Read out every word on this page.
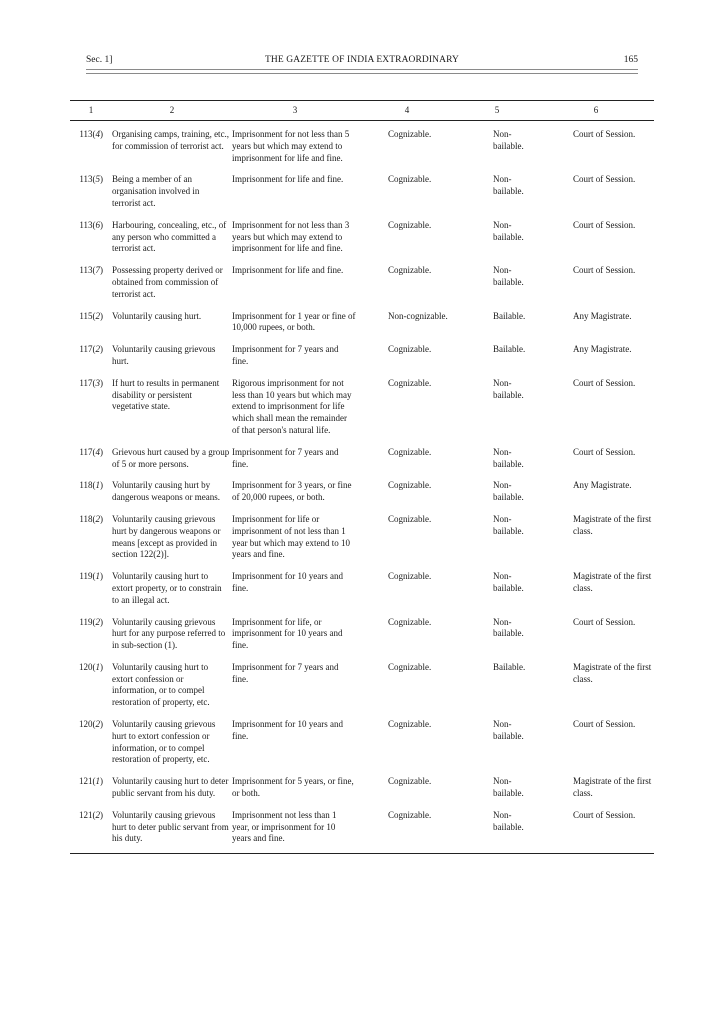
Sec. 1]	THE GAZETTE OF INDIA EXTRAORDINARY	165
1	2	3	4	5	6
113(4)	Organising camps, training, etc., for commission of terrorist act.	Imprisonment for not less than 5 years but which may extend to imprisonment for life and fine.	Cognizable.	Non-bailable.	Court of Session.
113(5)	Being a member of an organisation involved in terrorist act.	Imprisonment for life and fine.	Cognizable.	Non-bailable.	Court of Session.
113(6)	Harbouring, concealing, etc., of any person who committed a terrorist act.	Imprisonment for not less than 3 years but which may extend to imprisonment for life and fine.	Cognizable.	Non-bailable.	Court of Session.
113(7)	Possessing property derived or obtained from commission of terrorist act.	Imprisonment for life and fine.	Cognizable.	Non-bailable.	Court of Session.
115(2)	Voluntarily causing hurt.	Imprisonment for 1 year or fine of 10,000 rupees, or both.	Non-cognizable.	Bailable.	Any Magistrate.
117(2)	Voluntarily causing grievous hurt.	Imprisonment for 7 years and fine.	Cognizable.	Bailable.	Any Magistrate.
117(3)	If hurt to results in permanent disability or persistent vegetative state.	Rigorous imprisonment for not less than 10 years but which may extend to imprisonment for life which shall mean the remainder of that person's natural life.	Cognizable.	Non-bailable.	Court of Session.
117(4)	Grievous hurt caused by a group of 5 or more persons.	Imprisonment for 7 years and fine.	Cognizable.	Non-bailable.	Court of Session.
118(1)	Voluntarily causing hurt by dangerous weapons or means.	Imprisonment for 3 years, or fine of 20,000 rupees, or both.	Cognizable.	Non-bailable.	Any Magistrate.
118(2)	Voluntarily causing grievous hurt by dangerous weapons or means [except as provided in section 122(2)].	Imprisonment for life or imprisonment of not less than 1 year but which may extend to 10 years and fine.	Cognizable.	Non-bailable.	Magistrate of the first class.
119(1)	Voluntarily causing hurt to extort property, or to constrain to an illegal act.	Imprisonment for 10 years and fine.	Cognizable.	Non-bailable.	Magistrate of the first class.
119(2)	Voluntarily causing grievous hurt for any purpose referred to in sub-section (1).	Imprisonment for life, or imprisonment for 10 years and fine.	Cognizable.	Non-bailable.	Court of Session.
120(1)	Voluntarily causing hurt to extort confession or information, or to compel restoration of property, etc.	Imprisonment for 7 years and fine.	Cognizable.	Bailable.	Magistrate of the first class.
120(2)	Voluntarily causing grievous hurt to extort confession or information, or to compel restoration of property, etc.	Imprisonment for 10 years and fine.	Cognizable.	Non-bailable.	Court of Session.
121(1)	Voluntarily causing hurt to deter public servant from his duty.	Imprisonment for 5 years, or fine, or both.	Cognizable.	Non-bailable.	Magistrate of the first class.
121(2)	Voluntarily causing grievous hurt to deter public servant from his duty.	Imprisonment not less than 1 year, or imprisonment for 10 years and fine.	Cognizable.	Non-bailable.	Court of Session.
